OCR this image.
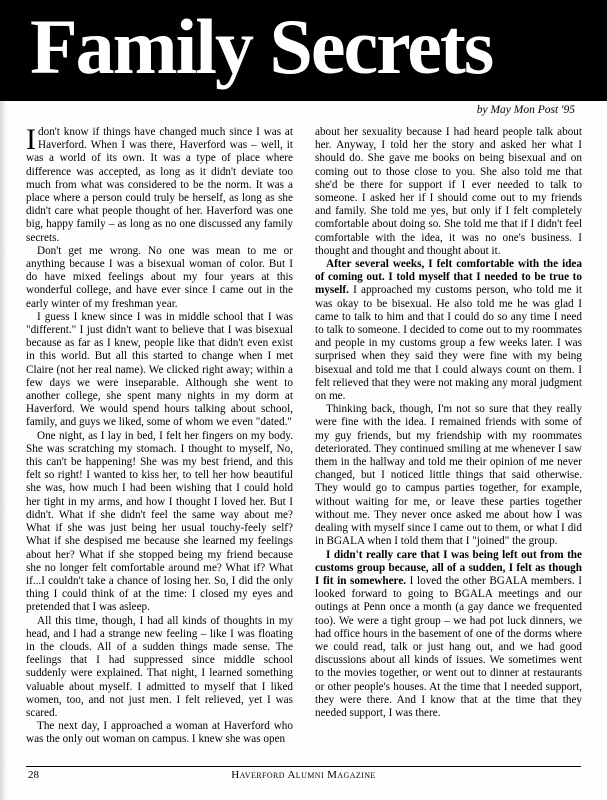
Family Secrets
by May Mon Post '95

Idon't know if things have changed much since I was at Haverford. When I was there, Haverford was – well, it was a world of its own. It was a type of place where difference was accepted, as long as it didn't deviate too much from what was considered to be the norm. It was a place where a person could truly be herself, as long as she didn't care what people thought of her. Haverford was one big, happy family – as long as no one discussed any family secrets.

Don't get me wrong. No one was mean to me or anything because I was a bisexual woman of color. But I do have mixed feelings about my four years at this wonderful college, and have ever since I came out in the early winter of my freshman year.

I guess I knew since I was in middle school that I was "different." I just didn't want to believe that I was bisexual because as far as I knew, people like that didn't even exist in this world. But all this started to change when I met Claire (not her real name). We clicked right away; within a few days we were inseparable. Although she went to another college, she spent many nights in my dorm at Haverford. We would spend hours talking about school, family, and guys we liked, some of whom we even "dated."

One night, as I lay in bed, I felt her fingers on my body. She was scratching my stomach. I thought to myself, No, this can't be happening! She was my best friend, and this felt so right! I wanted to kiss her, to tell her how beautiful she was, how much I had been wishing that I could hold her tight in my arms, and how I thought I loved her. But I didn't. What if she didn't feel the same way about me? What if she was just being her usual touchy-feely self? What if she despised me because she learned my feelings about her? What if she stopped being my friend because she no longer felt comfortable around me? What if? What if...I couldn't take a chance of losing her. So, I did the only thing I could think of at the time: I closed my eyes and pretended that I was asleep.

All this time, though, I had all kinds of thoughts in my head, and I had a strange new feeling – like I was floating in the clouds. All of a sudden things made sense. The feelings that I had suppressed since middle school suddenly were explained. That night, I learned something valuable about myself. I admitted to myself that I liked women, too, and not just men. I felt relieved, yet I was scared.

The next day, I approached a woman at Haverford who was the only out woman on campus. I knew she was open

about her sexuality because I had heard people talk about her. Anyway, I told her the story and asked her what I should do. She gave me books on being bisexual and on coming out to those close to you. She also told me that she'd be there for support if I ever needed to talk to someone. I asked her if I should come out to my friends and family. She told me yes, but only if I felt completely comfortable about doing so. She told me that if I didn't feel comfortable with the idea, it was no one's business. I thought and thought and thought about it.

After several weeks, I felt comfortable with the idea of coming out. I told myself that I needed to be true to myself. I approached my customs person, who told me it was okay to be bisexual. He also told me he was glad I came to talk to him and that I could do so any time I need to talk to someone. I decided to come out to my roommates and people in my customs group a few weeks later. I was surprised when they said they were fine with my being bisexual and told me that I could always count on them. I felt relieved that they were not making any moral judgment on me.

Thinking back, though, I'm not so sure that they really were fine with the idea. I remained friends with some of my guy friends, but my friendship with my roommates deteriorated. They continued smiling at me whenever I saw them in the hallway and told me their opinion of me never changed, but I noticed little things that said otherwise. They would go to campus parties together, for example, without waiting for me, or leave these parties together without me. They never once asked me about how I was dealing with myself since I came out to them, or what I did in BGALA when I told them that I "joined" the group.

I didn't really care that I was being left out from the customs group because, all of a sudden, I felt as though I fit in somewhere. I loved the other BGALA members. I looked forward to going to BGALA meetings and our outings at Penn once a month (a gay dance we frequented too). We were a tight group – we had pot luck dinners, we had office hours in the basement of one of the dorms where we could read, talk or just hang out, and we had good discussions about all kinds of issues. We sometimes went to the movies together, or went out to dinner at restaurants or other people's houses. At the time that I needed support, they were there. And I know that at the time that they needed support, I was there.

28	Haverford Alumni Magazine
